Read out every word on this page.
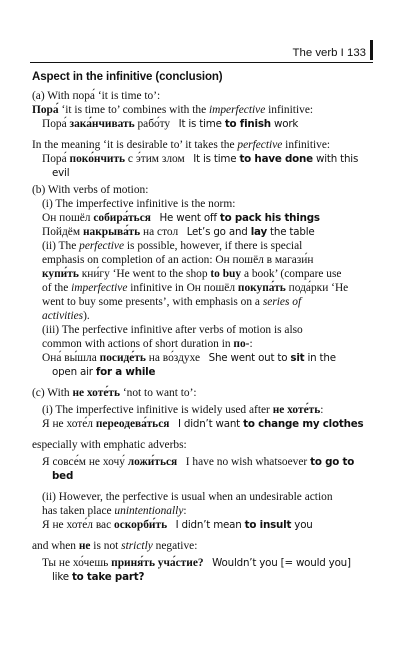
The verb I 133
Aspect in the infinitive (conclusion)

(a) With пора́ ‘it is time to’:

Пора́ ‘it is time to’ combines with the imperfective infinitive:

Пора́ зака́нчивать рабо́ту It is time to finish work

In the meaning ‘it is desirable to’ it takes the perfective infinitive:

Пора́ поко́нчить с э́тим злом It is time to have done with this

evil

(b) With verbs of motion:

(i) The imperfective infinitive is the norm:

Он пошёл собира́ться He went off to pack his things

Пойдём накрыва́ть на стол Let’s go and lay the table

(ii) The perfective is possible, however, if there is special

emphasis on completion of an action: Он пошёл в магази́н

купи́ть кни́гу ‘He went to the shop to buy a book’ (compare use

of the imperfective infinitive in Он пошёл покупа́ть пода́рки ‘He

went to buy some presents’, with emphasis on a series of

activities).

(iii) The perfective infinitive after verbs of motion is also

common with actions of short duration in по-:

Она́ вы́шла посиде́ть на во́здухе She went out to sit in the

open air for a while

(c) With не хоте́ть ‘not to want to’:

(i) The imperfective infinitive is widely used after не хоте́ть:

Я не хоте́л переодева́ться I didn’t want to change my clothes

especially with emphatic adverbs:

Я совсе́м не хочу́ ложи́ться I have no wish whatsoever to go to

bed

(ii) However, the perfective is usual when an undesirable action

has taken place unintentionally:

Я не хоте́л вас оскорби́ть I didn’t mean to insult you

and when не is not strictly negative:

Ты не хо́чешь приня́ть уча́стие? Wouldn’t you [= would you]

like to take part?
